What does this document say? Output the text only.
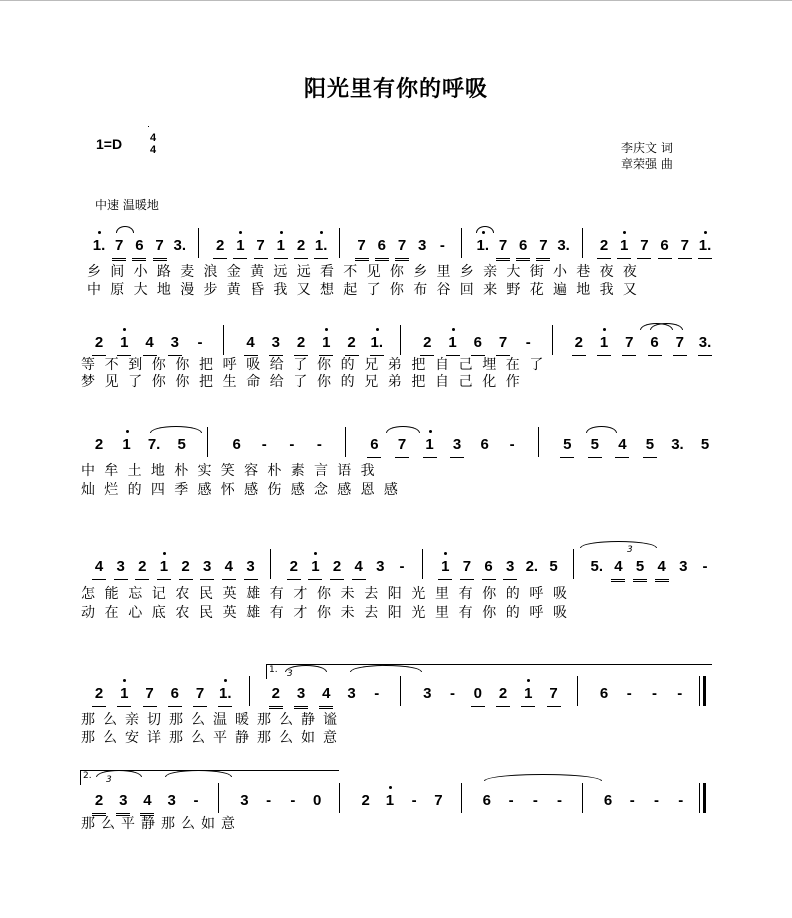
阳光里有你的呼吸
1=D	4
4	李庆文 词
章荣强 曲
中速 温暖地
1. 7 6 7 3. 2 1 7 1 2 1. 7 6 7 3 -	1. 7 6 7 3. 2 1 7 6 7 1.
乡 间 小 路 麦 浪 金 黄 远 远 看 不 见 你 乡 里 乡 亲 大 街 小 巷 夜 夜
中 原 大 地 漫 步 黄 昏 我 又 想 起 了 你 布 谷 回 来 野 花 遍 地 我 又
2 1 4 3	-	4 3 2 1 2 1.	2 1 6 7	-	2 1 7 6 7 3.
等 不 到 你 你 把 呼 吸 给 了 你 的 兄 弟 把 自 己 埋 在 了
梦 见 了 你 你 把 生 命 给 了 你 的 兄 弟 把 自 己 化 作
2 1 7. 5	6	-	-	-	6 7 1 3 6	-	5 5 4 5 3. 5
中 牟 土 地 朴 实 笑 容 朴 素 言 语 我
灿 烂 的 四 季 感 怀 感 伤 感 念 感 恩 感
4 3 2 1 2 3 4 3 2 1 2 4 3 -	1 7 6 3 2. 5 5. 4 5 4 3 -
怎 能 忘 记 农 民 英 雄 有 才 你 未 去 阳 光 里 有 你 的 呼 吸
动 在 心 底 农 民 英 雄 有 才 你 未 去 阳 光 里 有 你 的 呼 吸
2 1 7 6 7 1.	2 3 4 3	-	3	-	0 2 1 7	6	-	-	-
那 么 亲 切 那 么 温 暖 那 么 静 谧
那 么 安 详 那 么 平 静 那 么 如 意
2 3 4 3	-	3	-	-	0	2 1	-	7	6	-	-	-	6	-	-	-
那 么 平 静 那 么 如 意
1.
2.
3
3
3
